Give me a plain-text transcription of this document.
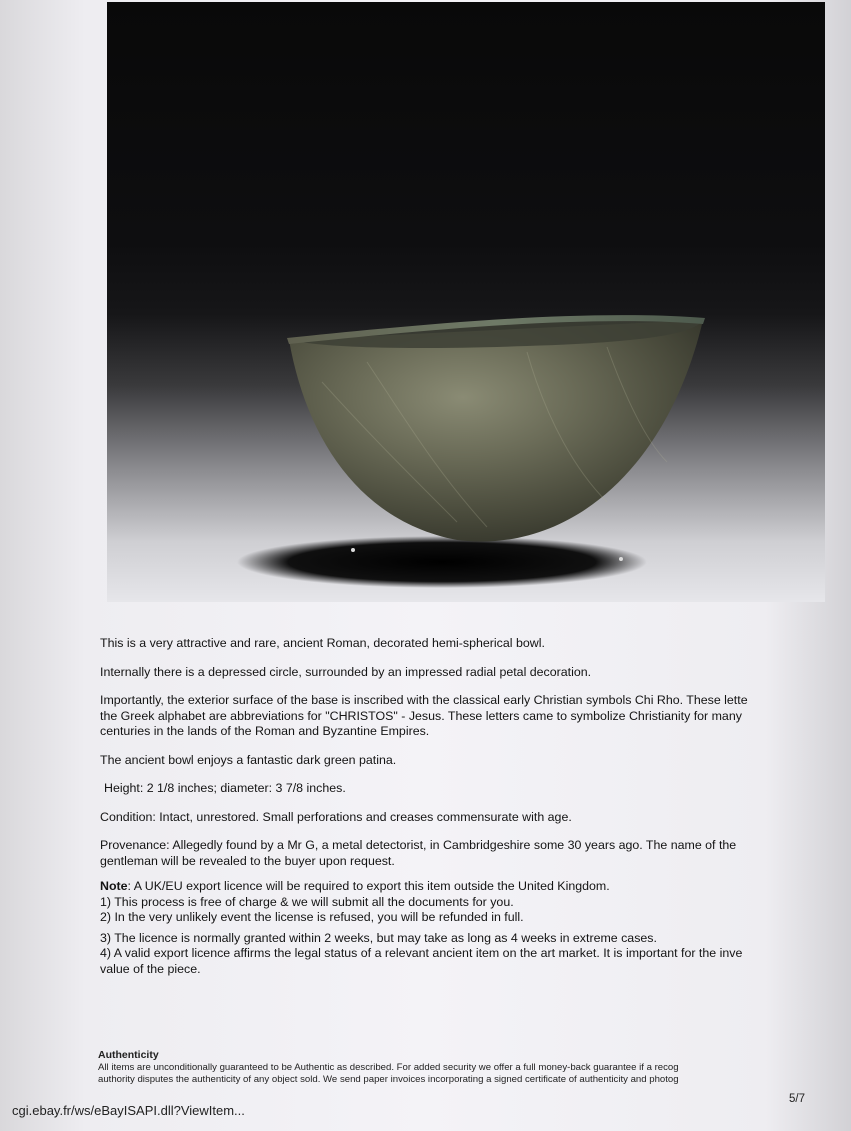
This is a very attractive and rare, ancient Roman, decorated hemi-spherical bowl.

Internally there is a depressed circle, surrounded by an impressed radial petal decoration.

Importantly, the exterior surface of the base is inscribed with the classical early Christian symbols Chi Rho. These lette
the Greek alphabet are abbreviations for "CHRISTOS" - Jesus. These letters came to symbolize Christianity for many
centuries in the lands of the Roman and Byzantine Empires.

The ancient bowl enjoys a fantastic dark green patina.

Height: 2 1/8 inches; diameter: 3 7/8 inches.

Condition: Intact, unrestored. Small perforations and creases commensurate with age.

Provenance: Allegedly found by a Mr G, a metal detectorist, in Cambridgeshire some 30 years ago. The name of the
gentleman will be revealed to the buyer upon request.

Note: A UK/EU export licence will be required to export this item outside the United Kingdom.
1) This process is free of charge & we will submit all the documents for you.
2) In the very unlikely event the license is refused, you will be refunded in full.
3) The licence is normally granted within 2 weeks, but may take as long as 4 weeks in extreme cases.
4) A valid export licence affirms the legal status of a relevant ancient item on the art market. It is important for the inve
value of the piece.
Authenticity
All items are unconditionally guaranteed to be Authentic as described. For added security we offer a full money-back guarantee if a recog
authority disputes the authenticity of any object sold. We send paper invoices incorporating a signed certificate of authenticity and photog
cgi.ebay.fr/ws/eBayISAPI.dll?ViewItem...
5/7
